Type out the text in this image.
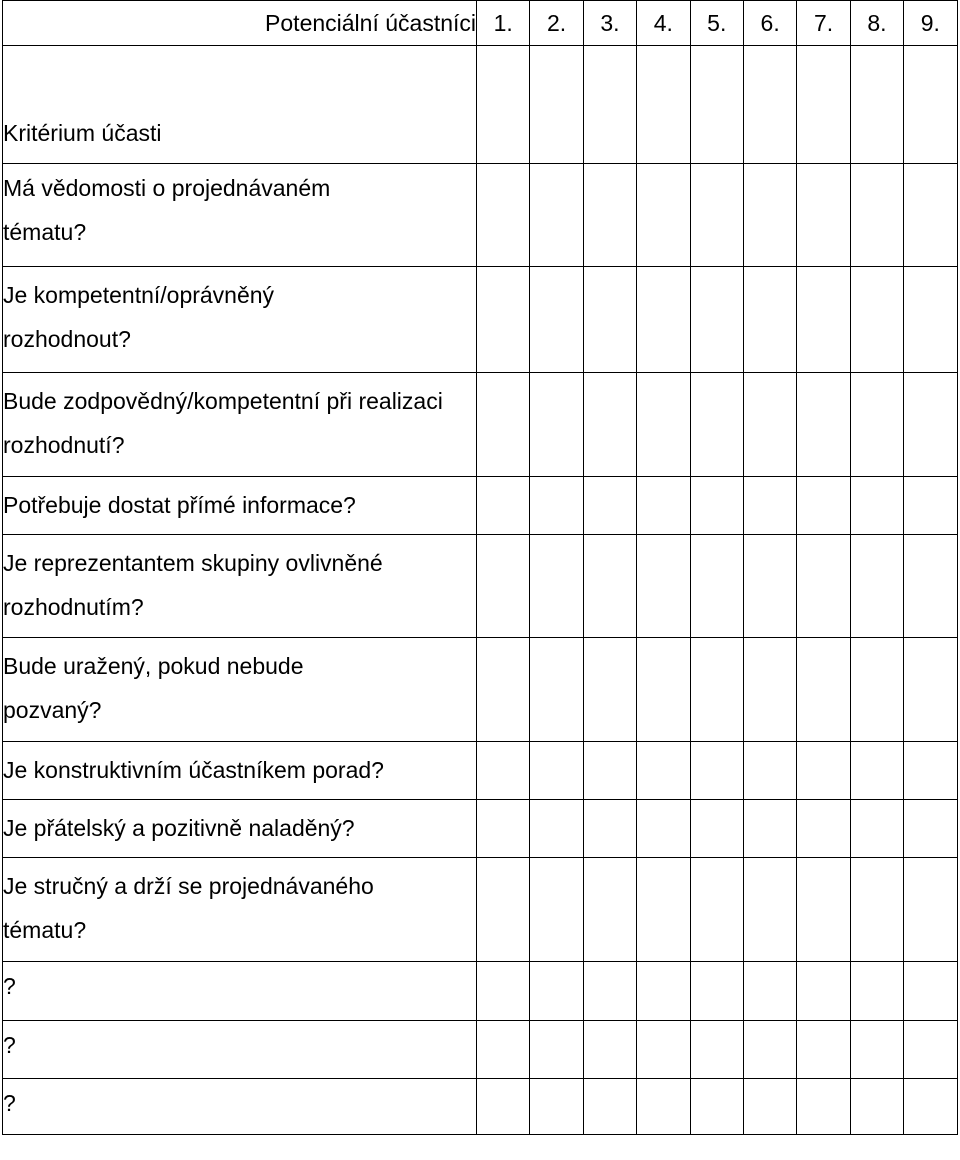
Potenciální účastníci	1.	2.	3.	4.	5.	6.	7.	8.	9.

Kritérium účasti									

Má vědomosti o projednávaném tématu?									

Je kompetentní/oprávněný rozhodnout?									

Bude zodpovědný/kompetentní při realizaci rozhodnutí?									

Potřebuje dostat přímé informace?									

Je reprezentantem skupiny ovlivněné rozhodnutím?									

Bude uražený, pokud nebude pozvaný?									

Je konstruktivním účastníkem porad?									

Je přátelský a pozitivně naladěný?									

Je stručný a drží se projednávaného tématu?									

?									

?									

?									
